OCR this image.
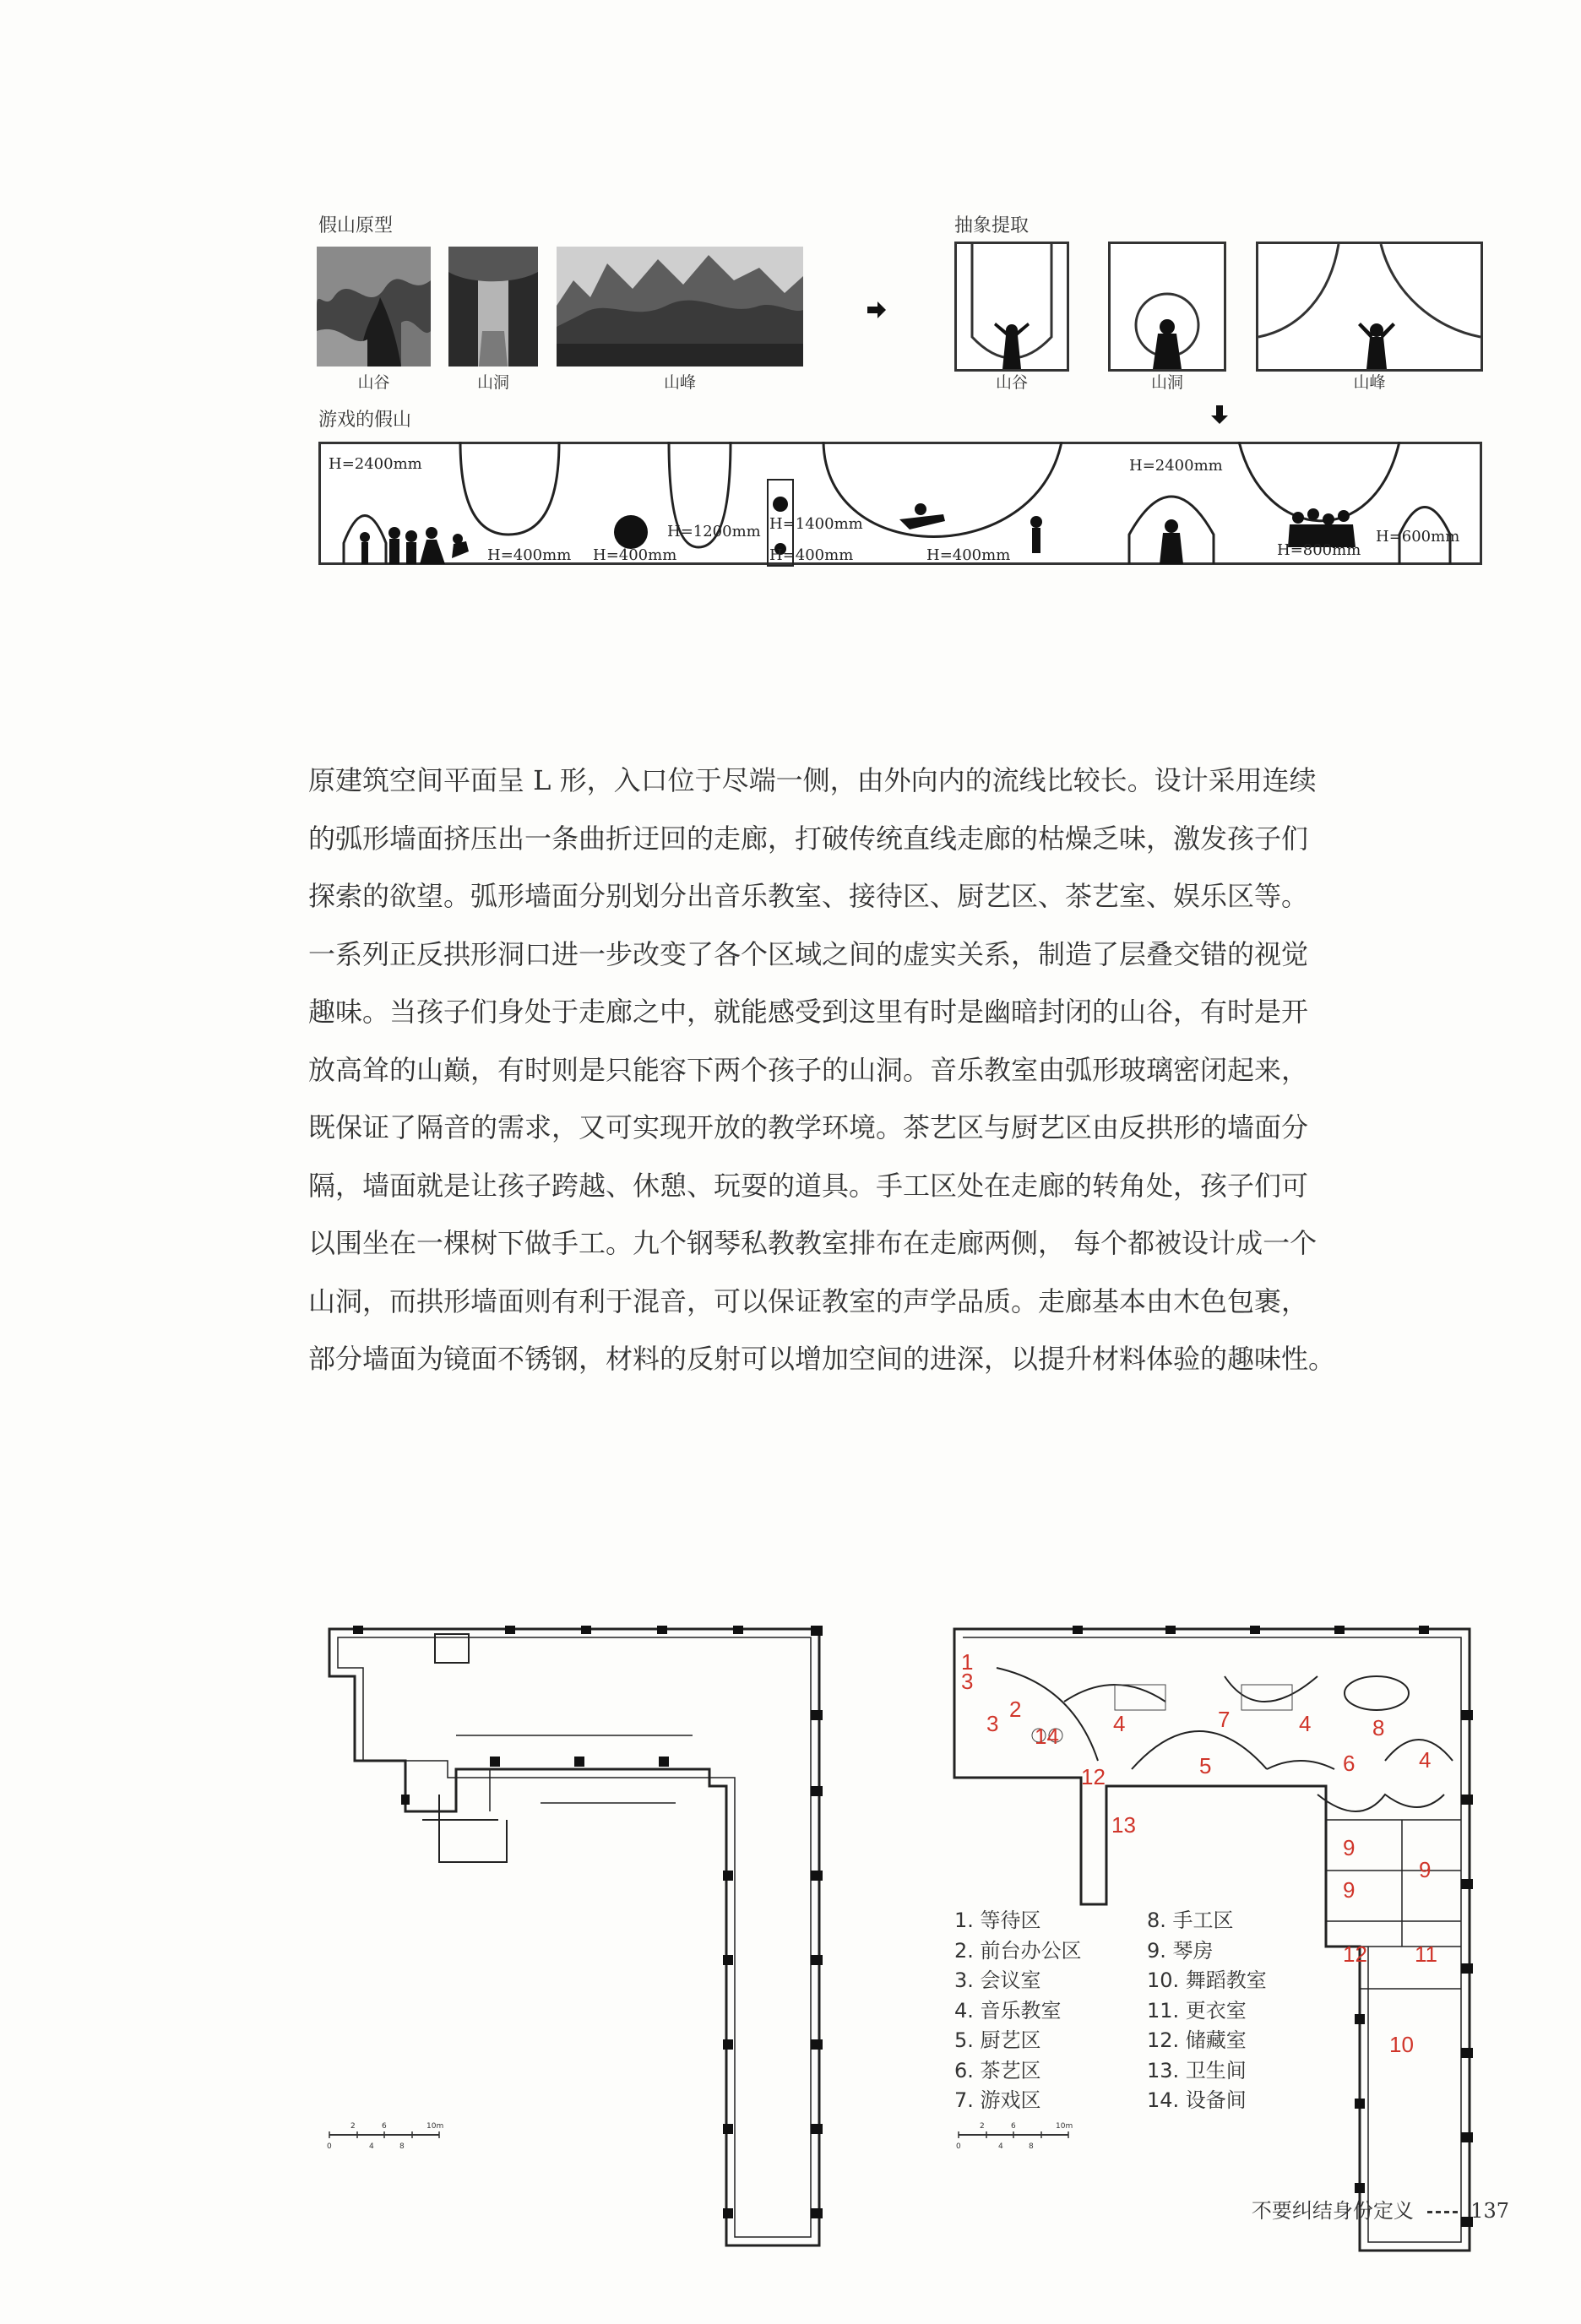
假山原型	抽象提取
山谷	山洞	山峰	山谷	山洞	山峰
游戏的假山
H=2400mm
H=400mm H=400mm
H=1200mm H=1400mm
H=400mm	H=400mm
H=2400mm
H=800mm
H=600mm

原建筑空间平面呈 L 形，入口位于尽端一侧，由外向内的流线比较长。设计采用连续

的弧形墙面挤压出一条曲折迂回的走廊，打破传统直线走廊的枯燥乏味，激发孩子们

探索的欲望。弧形墙面分别划分出音乐教室、接待区、厨艺区、茶艺室、娱乐区等。

一系列正反拱形洞口进一步改变了各个区域之间的虚实关系，制造了层叠交错的视觉

趣味。当孩子们身处于走廊之中，就能感受到这里有时是幽暗封闭的山谷，有时是开

放高耸的山巅，有时则是只能容下两个孩子的山洞。音乐教室由弧形玻璃密闭起来，

既保证了隔音的需求，又可实现开放的教学环境。茶艺区与厨艺区由反拱形的墙面分

隔，墙面就是让孩子跨越、休憩、玩耍的道具。手工区处在走廊的转角处，孩子们可

以围坐在一棵树下做手工。九个钢琴私教教室排布在走廊两侧， 每个都被设计成一个

山洞，而拱形墙面则有利于混音，可以保证教室的声学品质。走廊基本由木色包裹，

部分墙面为镜面不锈钢，材料的反射可以增加空间的进深，以提升材料体验的趣味性。

2	6	10m
0	4	8
1
2
3
3	4	4
4
5	6
7	8
9
9
9
10
11
12
12
13
14
2	6	10m
0	4	8
1. 等待区
2. 前台办公区
3. 会议室
4. 音乐教室
5. 厨艺区
6. 茶艺区
7. 游戏区
8. 手工区
9. 琴房
10. 舞蹈教室
11. 更衣室
12. 储藏室
13. 卫生间
14. 设备间
不要纠结身份定义	137
